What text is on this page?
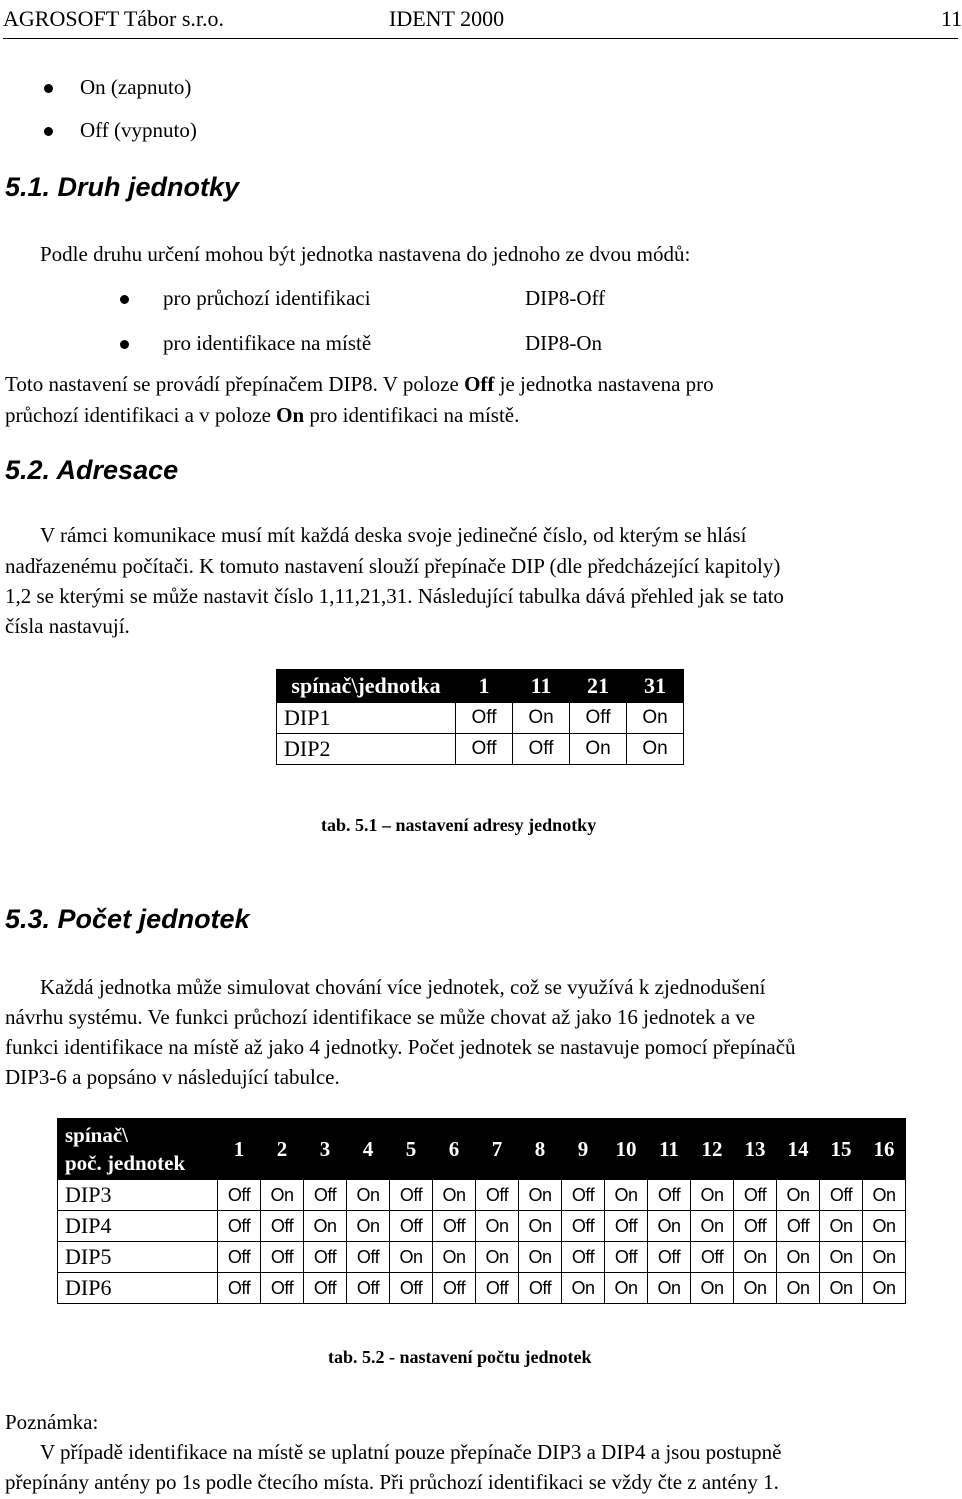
AGROSOFT Tábor s.r.o.	IDENT 2000	11
On (zapnuto)
Off (vypnuto)
5.1. Druh jednotky
Podle druhu určení mohou být jednotka nastavena do jednoho ze dvou módů:
pro průchozí identifikaci	DIP8-Off
pro identifikace na místě	DIP8-On
Toto nastavení se provádí přepínačem DIP8. V poloze Off je jednotka nastavena pro
průchozí identifikaci a v poloze On pro identifikaci na místě.
5.2. Adresace
V rámci komunikace musí mít každá deska svoje jedinečné číslo, od kterým se hlásí
nadřazenému počítači. K tomuto nastavení slouží přepínače DIP (dle předcházející kapitoly)
1,2 se kterými se může nastavit číslo 1,11,21,31. Následující tabulka dává přehled jak se tato
čísla nastavují.
spínač\jednotka	1	11	21	31
DIP1	Off	On	Off	On
DIP2	Off	Off	On	On
tab. 5.1 – nastavení adresy jednotky
5.3. Počet jednotek
Každá jednotka může simulovat chování více jednotek, což se využívá k zjednodušení
návrhu systému. Ve funkci průchozí identifikace se může chovat až jako 16 jednotek a ve
funkci identifikace na místě až jako 4 jednotky. Počet jednotek se nastavuje pomocí přepínačů
DIP3-6 a popsáno v následující tabulce.
spínač\
poč. jednotek	1	2	3	4	5	6	7	8	9	10	11	12	13	14	15	16
DIP3	Off	On	Off	On	Off	On	Off	On	Off	On	Off	On	Off	On	Off	On
DIP4	Off	Off	On	On	Off	Off	On	On	Off	Off	On	On	Off	Off	On	On
DIP5	Off	Off	Off	Off	On	On	On	On	Off	Off	Off	Off	On	On	On	On
DIP6	Off	Off	Off	Off	Off	Off	Off	Off	On	On	On	On	On	On	On	On
tab. 5.2 - nastavení počtu jednotek
Poznámka:
V případě identifikace na místě se uplatní pouze přepínače DIP3 a DIP4 a jsou postupně
přepínány antény po 1s podle čtecího místa. Při průchozí identifikaci se vždy čte z antény 1.
